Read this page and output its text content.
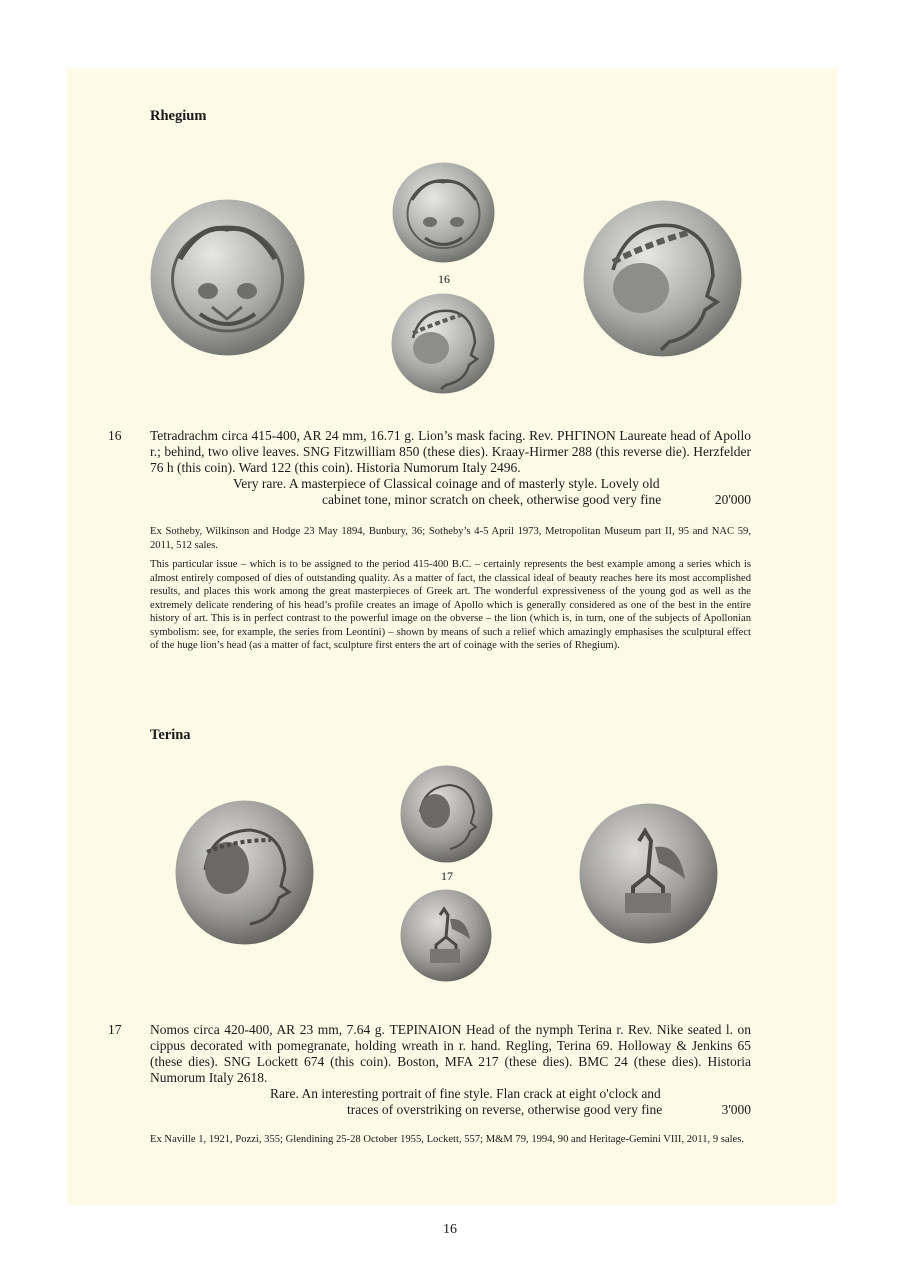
Rhegium
16
16 Tetradrachm circa 415-400, AR 24 mm, 16.71 g. Lion’s mask facing. Rev. ΡΗΓΙΝΟΝ Laureate head of Apollo r.; behind, two olive leaves. SNG Fitzwilliam 850 (these dies). Kraay-Hirmer 288 (this reverse die). Herzfelder 76 h (this coin). Ward 122 (this coin). Historia Numorum Italy 2496.
Very rare. A masterpiece of Classical coinage and of masterly style. Lovely old
cabinet tone, minor scratch on cheek, otherwise good very fine	20'000
Ex Sotheby, Wilkinson and Hodge 23 May 1894, Bunbury, 36; Sotheby’s 4-5 April 1973, Metropolitan Museum part II, 95 and NAC 59, 2011, 512 sales.
This particular issue – which is to be assigned to the period 415-400 B.C. – certainly represents the best example among a series which is almost entirely composed of dies of outstanding quality. As a matter of fact, the classical ideal of beauty reaches here its most accomplished results, and places this work among the great masterpieces of Greek art. The wonderful expressiveness of the young god as well as the extremely delicate rendering of his head’s profile creates an image of Apollo which is generally considered as one of the best in the entire history of art. This is in perfect contrast to the powerful image on the obverse – the lion (which is, in turn, one of the subjects of Apollonian symbolism: see, for example, the series from Leontini) – shown by means of such a relief which amazingly emphasises the sculptural effect of the huge lion’s head (as a matter of fact, sculpture first enters the art of coinage with the series of Rhegium).
Terina
17
17 Nomos circa 420-400, AR 23 mm, 7.64 g. ΤΕΡΙΝΑΙΟΝ Head of the nymph Terina r. Rev. Nike seated l. on cippus decorated with pomegranate, holding wreath in r. hand. Regling, Terina 69. Holloway & Jenkins 65 (these dies). SNG Lockett 674 (this coin). Boston, MFA 217 (these dies). BMC 24 (these dies). Historia Numorum Italy 2618.
Rare. An interesting portrait of fine style. Flan crack at eight o'clock and
traces of overstriking on reverse, otherwise good very fine	3'000
Ex Naville 1, 1921, Pozzi, 355; Glendining 25-28 October 1955, Lockett, 557; M&M 79, 1994, 90 and Heritage-Gemini VIII, 2011, 9 sales.
16
